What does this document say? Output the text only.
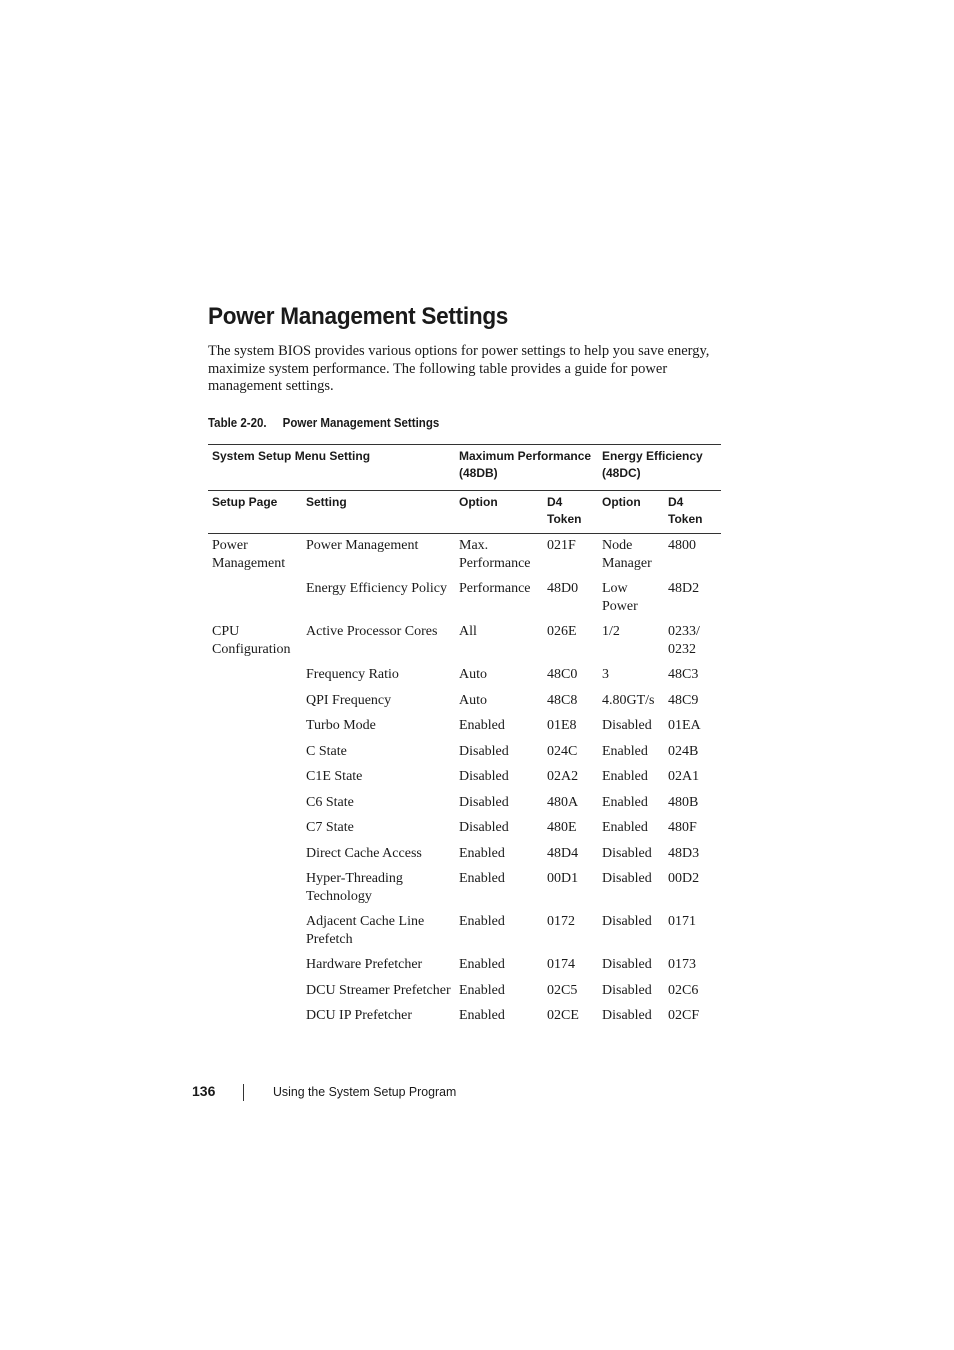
Power Management Settings

The system BIOS provides various options for power settings to help you save energy, maximize system performance. The following table provides a guide for power management settings.

Table 2-20. Power Management Settings

System Setup Menu Setting		Maximum Performance (48DB)		Energy Efficiency (48DC)	
Setup Page	Setting	Option	D4 Token	Option	D4 Token
Power Management	Power Management	Max. Performance	021F	Node Manager	4800
	Energy Efficiency Policy	Performance	48D0	Low Power	48D2
CPU Configuration	Active Processor Cores	All	026E	1/2	0233/ 0232
	Frequency Ratio	Auto	48C0	3	48C3
	QPI Frequency	Auto	48C8	4.80GT/s	48C9
	Turbo Mode	Enabled	01E8	Disabled	01EA
	C State	Disabled	024C	Enabled	024B
	C1E State	Disabled	02A2	Enabled	02A1
	C6 State	Disabled	480A	Enabled	480B
	C7 State	Disabled	480E	Enabled	480F
	Direct Cache Access	Enabled	48D4	Disabled	48D3
	Hyper-Threading Technology	Enabled	00D1	Disabled	00D2
	Adjacent Cache Line Prefetch	Enabled	0172	Disabled	0171
	Hardware Prefetcher	Enabled	0174	Disabled	0173
	DCU Streamer Prefetcher	Enabled	02C5	Disabled	02C6
	DCU IP Prefetcher	Enabled	02CE	Disabled	02CF
136	Using the System Setup Program
